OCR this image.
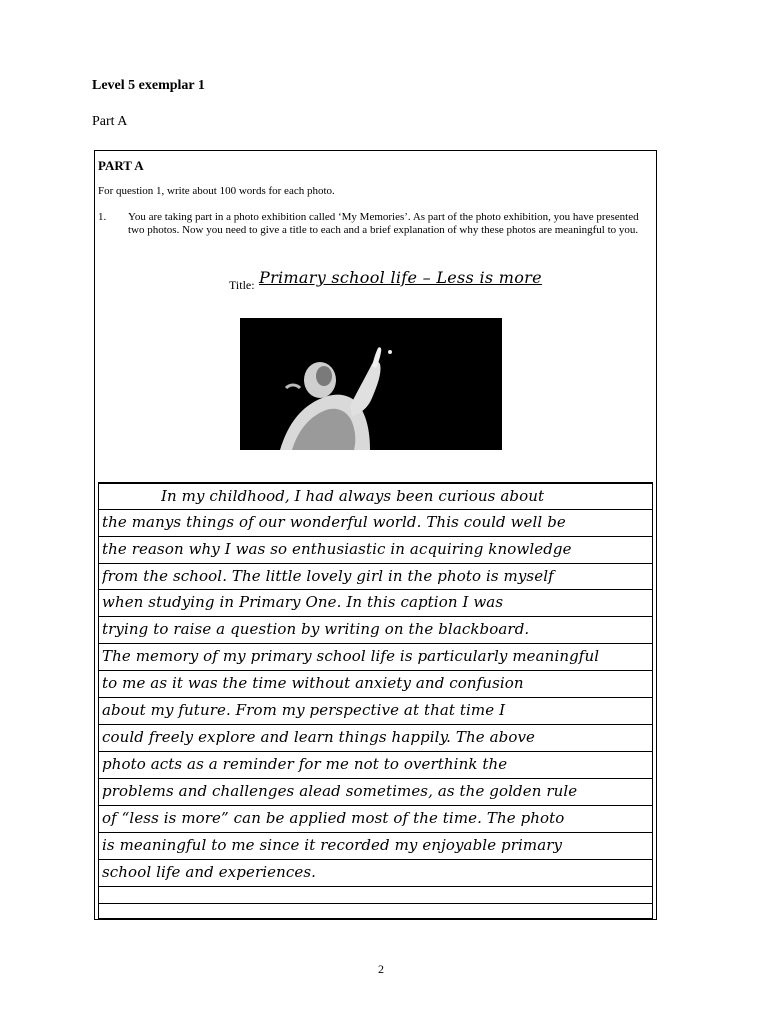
Level 5 exemplar 1
Part A
PART A
For question 1, write about 100 words for each photo.
1. You are taking part in a photo exhibition called ‘My Memories’. As part of the photo exhibition, you have presented two photos. Now you need to give a title to each and a brief explanation of why these photos are meaningful to you.
Title: Primary school life – Less is more
In my childhood, I had always been curious about
the manys things of our wonderful world. This could well be
the reason why I was so enthusiastic in acquiring knowledge
from the school. The little lovely girl in the photo is myself
when studying in Primary One. In this caption I was
trying to raise a question by writing on the blackboard.
The memory of my primary school life is particularly meaningful
to me as it was the time without anxiety and confusion
about my future. From my perspective at that time I
could freely explore and learn things happily. The above
photo acts as a reminder for me not to overthink the
problems and challenges alead sometimes, as the golden rule
of “less is more” can be applied most of the time. The photo
is meaningful to me since it recorded my enjoyable primary
school life and experiences.
2
